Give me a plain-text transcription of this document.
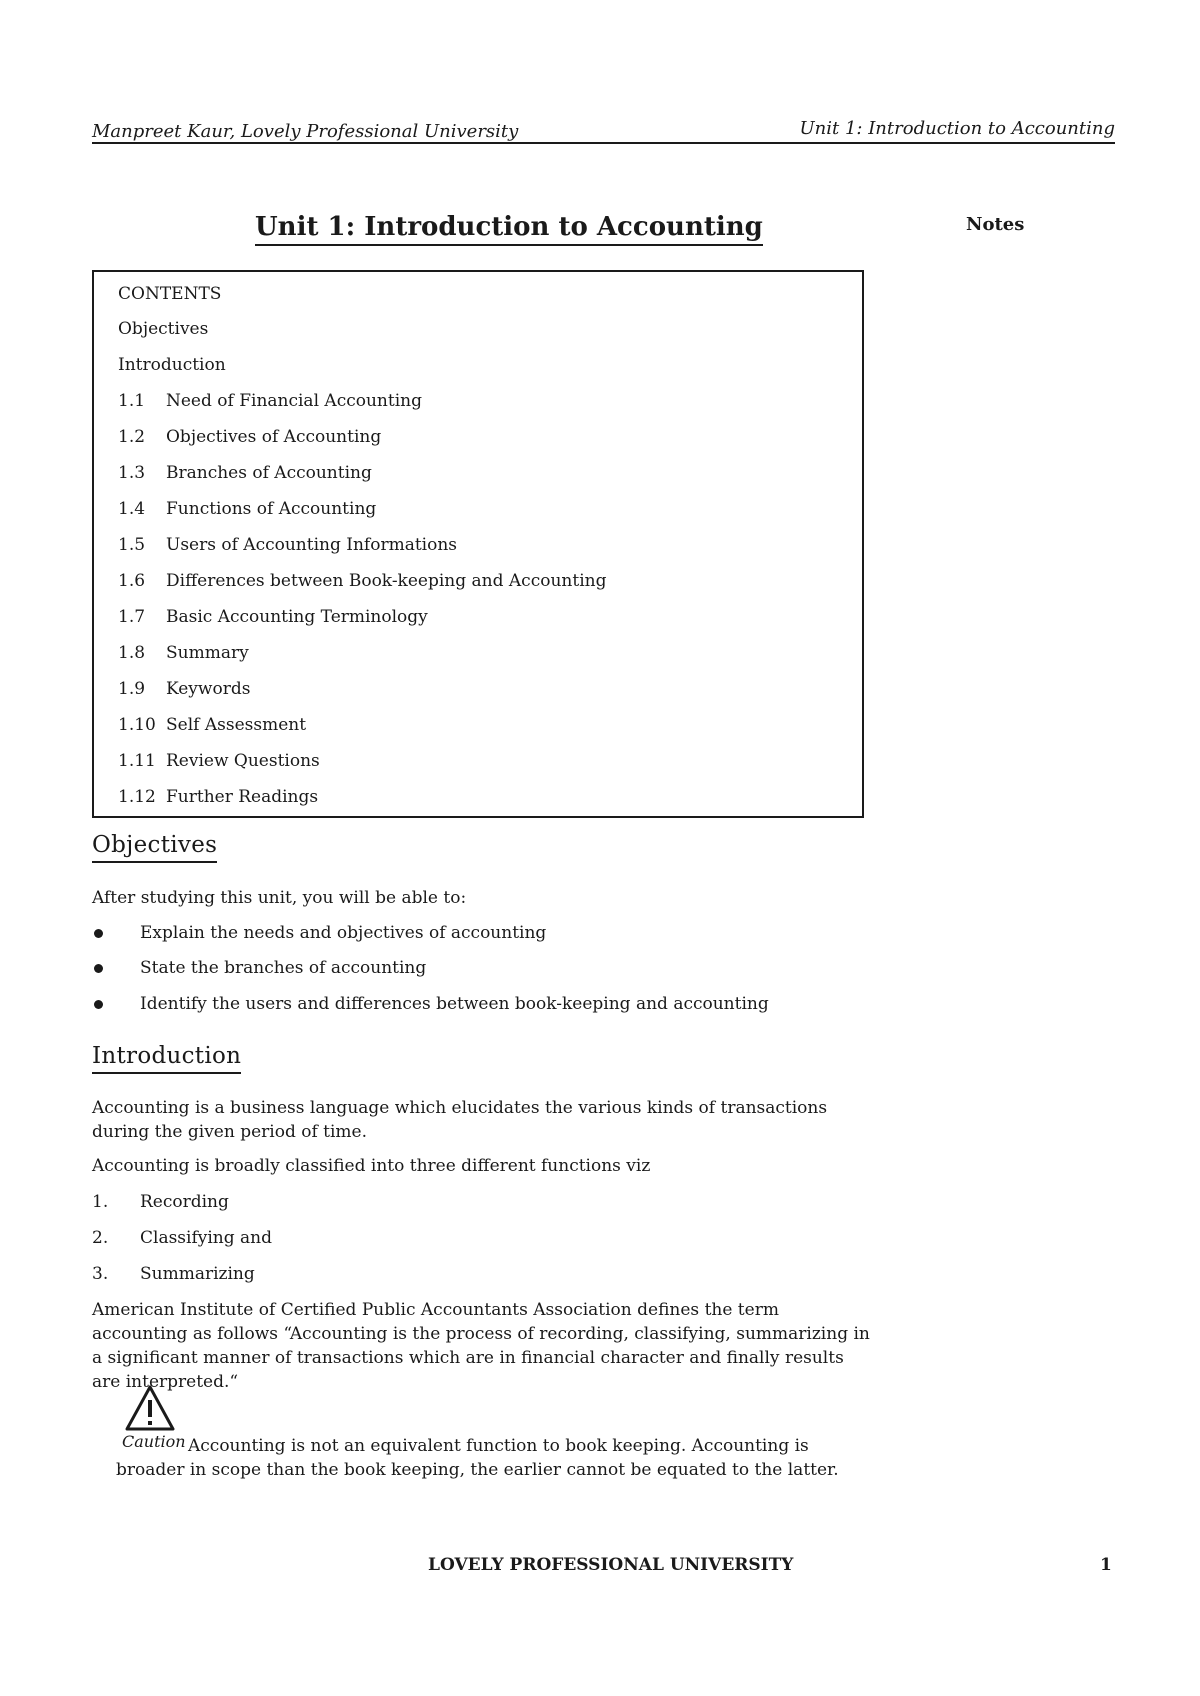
Manpreet Kaur, Lovely Professional University	Unit 1: Introduction to Accounting
Unit 1: Introduction to Accounting	Notes
CONTENTS
Objectives
Introduction
1.1	Need of Financial Accounting
1.2	Objectives of Accounting
1.3	Branches of Accounting
1.4	Functions of Accounting
1.5	Users of Accounting Informations
1.6	Differences between Book-keeping and Accounting
1.7	Basic Accounting Terminology
1.8	Summary
1.9	Keywords
1.10 Self Assessment
1.11 Review Questions
1.12 Further Readings
Objectives

After studying this unit, you will be able to:

Explain the needs and objectives of accounting
State the branches of accounting
Identify the users and differences between book-keeping and accounting
Introduction

Accounting is a business language which elucidates the various kinds of transactions during the given period of time.

Accounting is broadly classified into three different functions viz

1.	Recording
2.	Classifying and
3.	Summarizing

American Institute of Certified Public Accountants Association defines the term accounting as follows “Accounting is the process of recording, classifying, summarizing in a significant manner of transactions which are in financial character and finally results are interpreted.“

Caution Accounting is not an equivalent function to book keeping. Accounting is broader in scope than the book keeping, the earlier cannot be equated to the latter.

LOVELY PROFESSIONAL UNIVERSITY	1
